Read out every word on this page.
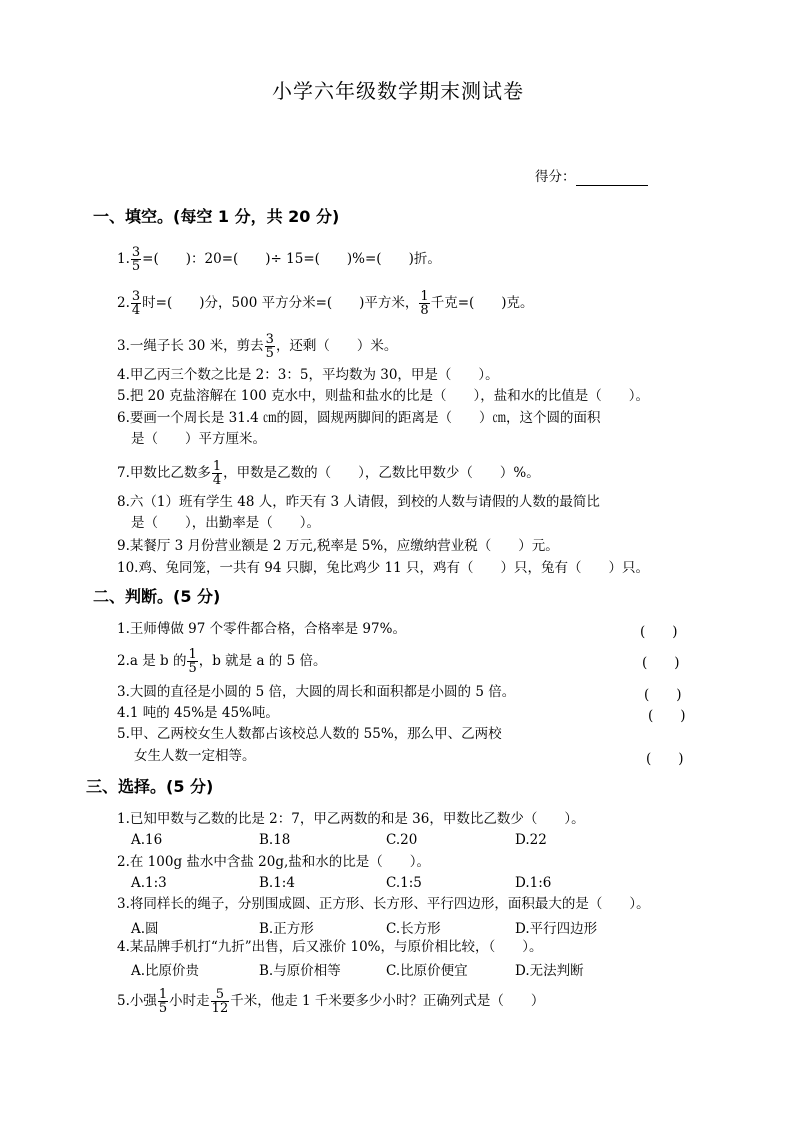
小学六年级数学期末测试卷
得分：
一、填空。(每空 1 分，共 20 分)
1. $\frac{3}{5}$ =(　　)：20=(　　)÷ 15=(　　)%=(　　)折。
2. $\frac{3}{4}$ 时=(　　)分，500 平方分米=(　　)平方米， $\frac{1}{8}$ 千克=(　　)克。
3.一绳子长 30 米，剪去 $\frac{3}{5}$ ，还剩（　　）米。
4.甲乙丙三个数之比是 2：3：5，平均数为 30，甲是（　　）。
5.把 20 克盐溶解在 100 克水中，则盐和盐水的比是（　　），盐和水的比值是（　　）。
6.要画一个周长是 31.4 ㎝的圆，圆规两脚间的距离是（　　）㎝，这个圆的面积
是（　　）平方厘米。
7.甲数比乙数多 $\frac{1}{4}$ ，甲数是乙数的（　　），乙数比甲数少（　　）%。
8.六（1）班有学生 48 人，昨天有 3 人请假，到校的人数与请假的人数的最简比
是（　　），出勤率是（　　）。
9.某餐厅 3 月份营业额是 2 万元,税率是 5%，应缴纳营业税（　　）元。
10.鸡、兔同笼，一共有 94 只脚，兔比鸡少 11 只，鸡有（　　）只，兔有（　　）只。
二、判断。(5 分)
1.王师傅做 97 个零件都合格，合格率是 97%。	(　　)
2.a 是 b 的 $\frac{1}{5}$ ，b 就是 a 的 5 倍。	(　　)
3.大圆的直径是小圆的 5 倍，大圆的周长和面积都是小圆的 5 倍。	(　　)
4.1 吨的 45%是 45%吨。	(　　)
5.甲、乙两校女生人数都占该校总人数的 55%，那么甲、乙两校
女生人数一定相等。	(　　)
三、选择。(5 分)
1.已知甲数与乙数的比是 2：7，甲乙两数的和是 36，甲数比乙数少（　　）。
A.16	B.18	C.20	D.22
2.在 100g 盐水中含盐 20g,盐和水的比是（　　）。
A.1:3	B.1:4	C.1:5	D.1:6
3.将同样长的绳子，分别围成圆、正方形、长方形、平行四边形，面积最大的是（　　）。
A.圆	B.正方形	C.长方形	D.平行四边形
4.某品牌手机打“九折”出售，后又涨价 10%，与原价相比较，（　　）。
A.比原价贵	B.与原价相等	C.比原价便宜	D.无法判断
5.小强 $\frac{1}{5}$ 小时走 $\frac{5}{12}$ 千米，他走 1 千米要多少小时？正确列式是（　　）
